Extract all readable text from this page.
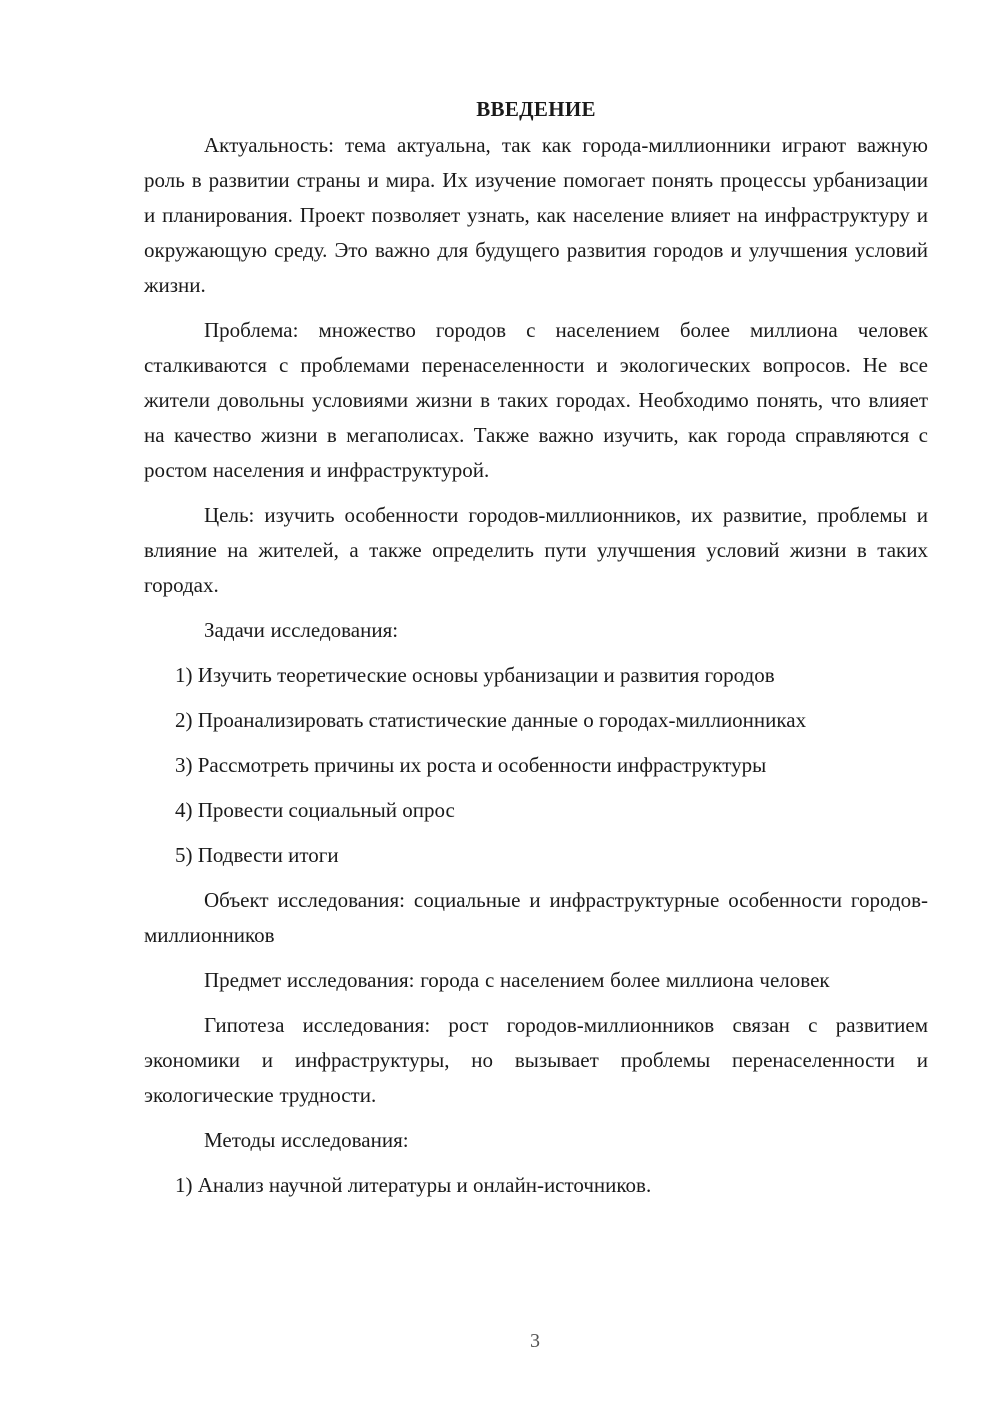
ВВЕДЕНИЕ

Актуальность: тема актуальна, так как города-миллионники играют важную роль в развитии страны и мира. Их изучение помогает понять процессы урбанизации и планирования. Проект позволяет узнать, как население влияет на инфраструктуру и окружающую среду. Это важно для будущего развития городов и улучшения условий жизни.

Проблема: множество городов с населением более миллиона человек сталкиваются с проблемами перенаселенности и экологических вопросов. Не все жители довольны условиями жизни в таких городах. Необходимо понять, что влияет на качество жизни в мегаполисах. Также важно изучить, как города справляются с ростом населения и инфраструктурой.

Цель: изучить особенности городов-миллионников, их развитие, проблемы и влияние на жителей, а также определить пути улучшения условий жизни в таких городах.

Задачи исследования:

1) Изучить теоретические основы урбанизации и развития городов
2) Проанализировать статистические данные о городах-миллионниках
3) Рассмотреть причины их роста и особенности инфраструктуры
4) Провести социальный опрос
5) Подвести итоги

Объект исследования: социальные и инфраструктурные особенности городов-миллионников

Предмет исследования: города с населением более миллиона человек

Гипотеза исследования: рост городов-миллионников связан с развитием экономики и инфраструктуры, но вызывает проблемы перенаселенности и экологические трудности.

Методы исследования:

1) Анализ научной литературы и онлайн-источников.
3
